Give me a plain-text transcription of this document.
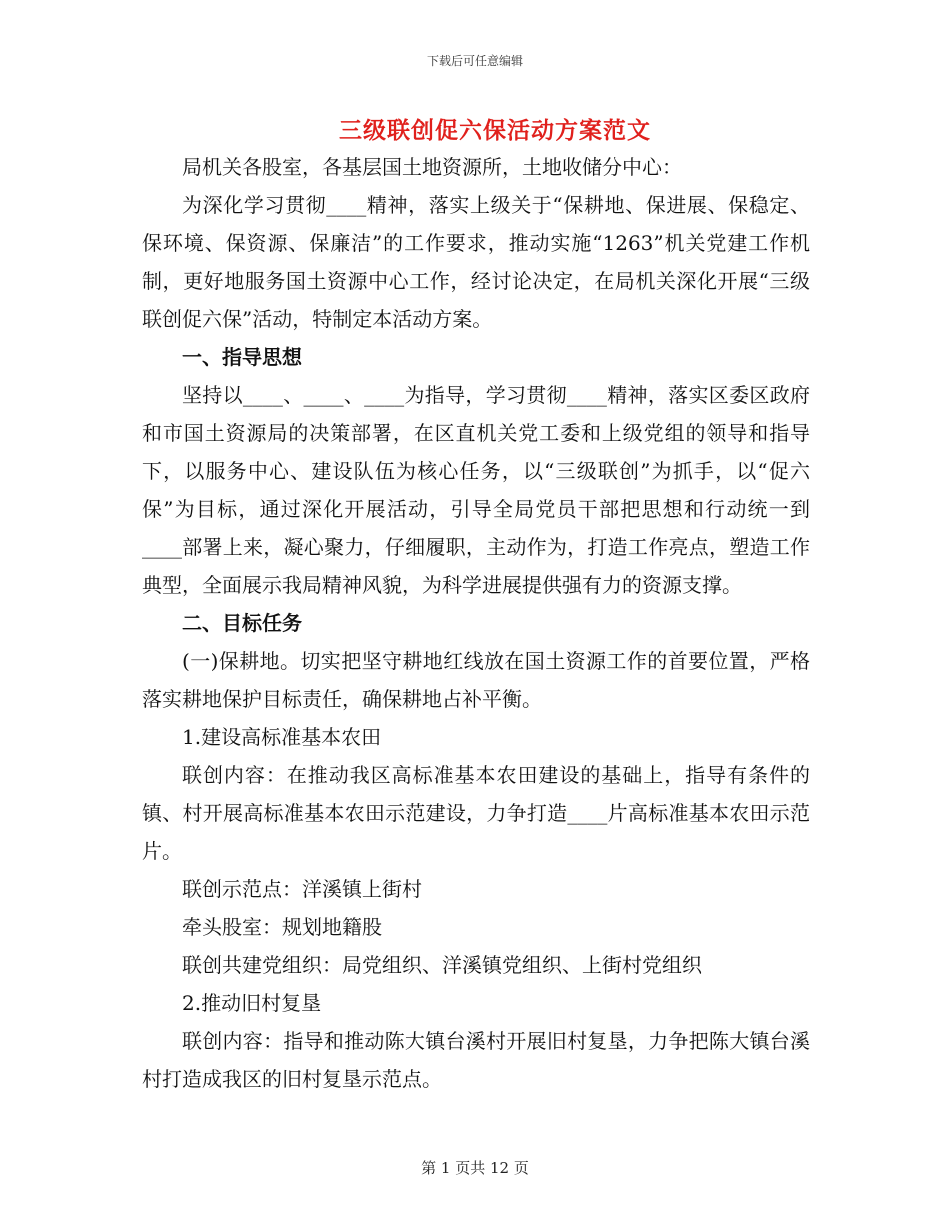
下载后可任意编辑
三级联创促六保活动方案范文

局机关各股室，各基层国土地资源所，土地收储分中心：

为深化学习贯彻____精神，落实上级关于“保耕地、保进展、保稳定、保环境、保资源、保廉洁”的工作要求，推动实施“1263”机关党建工作机制，更好地服务国土资源中心工作，经讨论决定，在局机关深化开展“三级联创促六保”活动，特制定本活动方案。

一、指导思想

坚持以____、____、____为指导，学习贯彻____精神，落实区委区政府和市国土资源局的决策部署，在区直机关党工委和上级党组的领导和指导下，以服务中心、建设队伍为核心任务，以“三级联创”为抓手，以“促六保”为目标，通过深化开展活动，引导全局党员干部把思想和行动统一到____部署上来，凝心聚力，仔细履职，主动作为，打造工作亮点，塑造工作典型，全面展示我局精神风貌，为科学进展提供强有力的资源支撑。

二、目标任务

(一)保耕地。切实把坚守耕地红线放在国土资源工作的首要位置，严格落实耕地保护目标责任，确保耕地占补平衡。

1.建设高标准基本农田

联创内容：在推动我区高标准基本农田建设的基础上，指导有条件的镇、村开展高标准基本农田示范建设，力争打造____片高标准基本农田示范片。

联创示范点：洋溪镇上街村

牵头股室：规划地籍股

联创共建党组织：局党组织、洋溪镇党组织、上街村党组织

2.推动旧村复垦

联创内容：指导和推动陈大镇台溪村开展旧村复垦，力争把陈大镇台溪村打造成我区的旧村复垦示范点。

第 1 页共 12 页
